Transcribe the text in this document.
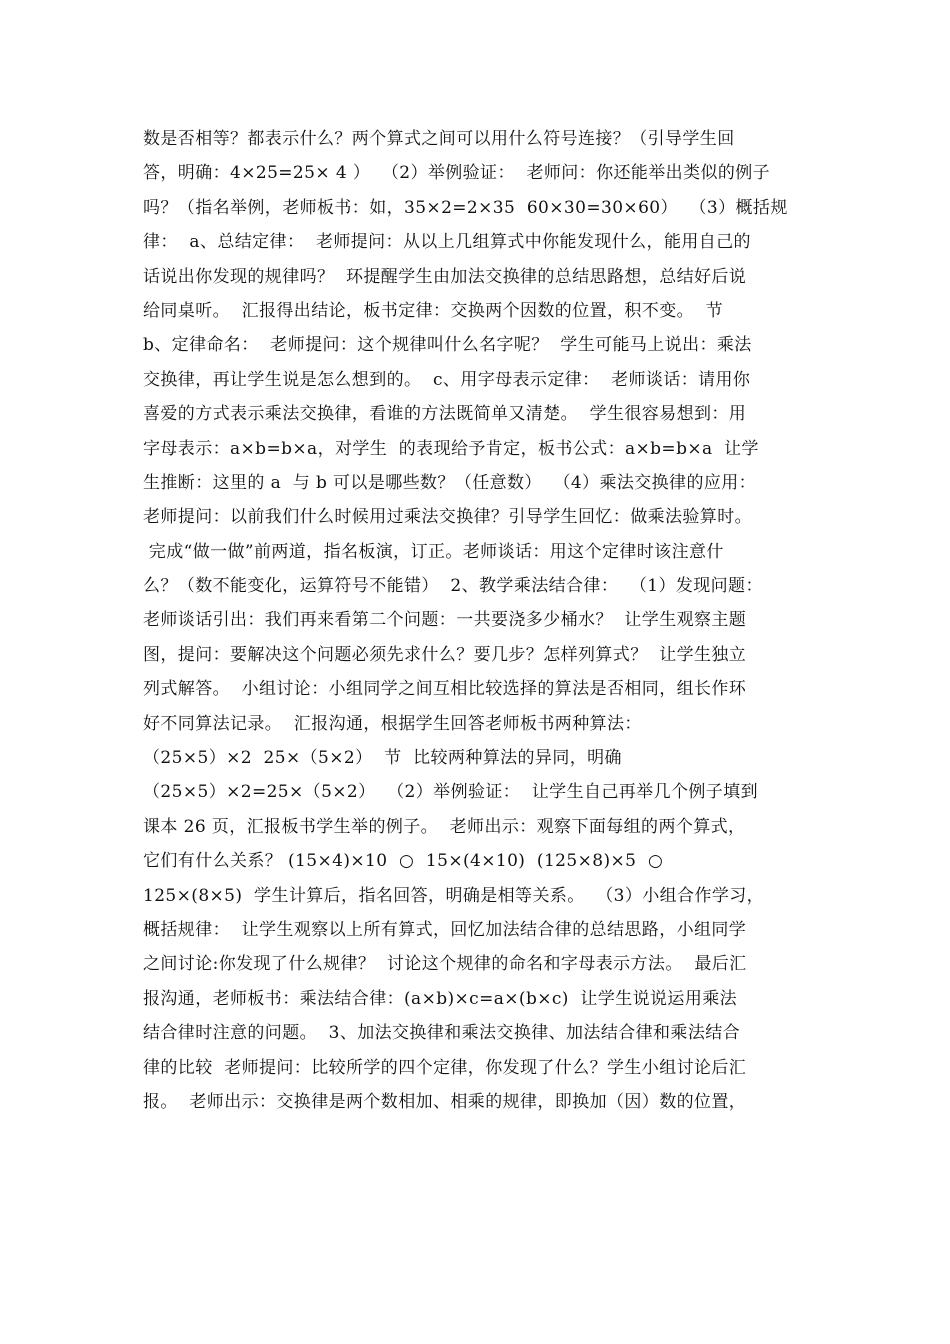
数是否相等？都表示什么？两个算式之间可以用什么符号连接？（引导学生回
答，明确：4×25=25× 4 ）  （2）举例验证：  老师问：你还能举出类似的例子
吗？（指名举例，老师板书：如，35×2=2×35  60×30=30×60）  （3）概括规
律：  a、总结定律：  老师提问：从以上几组算式中你能发现什么，能用自己的
话说出你发现的规律吗？  环提醒学生由加法交换律的总结思路想，总结好后说
给同桌听。  汇报得出结论，板书定律：交换两个因数的位置，积不变。  节
b、定律命名：  老师提问：这个规律叫什么名字呢？  学生可能马上说出：乘法
交换律，再让学生说是怎么想到的。  c、用字母表示定律：  老师谈话：请用你
喜爱的方式表示乘法交换律，看谁的方法既简单又清楚。  学生很容易想到：用
字母表示：a×b=b×a，对学生  的表现给予肯定，板书公式：a×b=b×a  让学
生推断：这里的 a  与 b 可以是哪些数？（任意数）  （4）乘法交换律的应用：
老师提问：以前我们什么时候用过乘法交换律？引导学生回忆：做乘法验算时。
完成“做一做”前两道，指名板演，订正。老师谈话：用这个定律时该注意什
么？（数不能变化，运算符号不能错）  2、教学乘法结合律：  （1）发现问题：
老师谈话引出：我们再来看第二个问题：一共要浇多少桶水？  让学生观察主题
图，提问：要解决这个问题必须先求什么？要几步？怎样列算式？  让学生独立
列式解答。  小组讨论：小组同学之间互相比较选择的算法是否相同，组长作环
好不同算法记录。  汇报沟通，根据学生回答老师板书两种算法：
（25×5）×2  25×（5×2）  节  比较两种算法的异同，明确
（25×5）×2=25×（5×2）  （2）举例验证：  让学生自己再举几个例子填到
课本 26 页，汇报板书学生举的例子。  老师出示：观察下面每组的两个算式，
它们有什么关系？ (15×4)×10  ○  15×(4×10)  (125×8)×5  ○
125×(8×5)  学生计算后，指名回答，明确是相等关系。  （3）小组合作学习，
概括规律：  让学生观察以上所有算式，回忆加法结合律的总结思路，小组同学
之间讨论:你发现了什么规律？  讨论这个规律的命名和字母表示方法。  最后汇
报沟通，老师板书：乘法结合律：(a×b)×c=a×(b×c)  让学生说说运用乘法
结合律时注意的问题。  3、加法交换律和乘法交换律、加法结合律和乘法结合
律的比较  老师提问：比较所学的四个定律，你发现了什么？学生小组讨论后汇
报。  老师出示：交换律是两个数相加、相乘的规律，即换加（因）数的位置，
